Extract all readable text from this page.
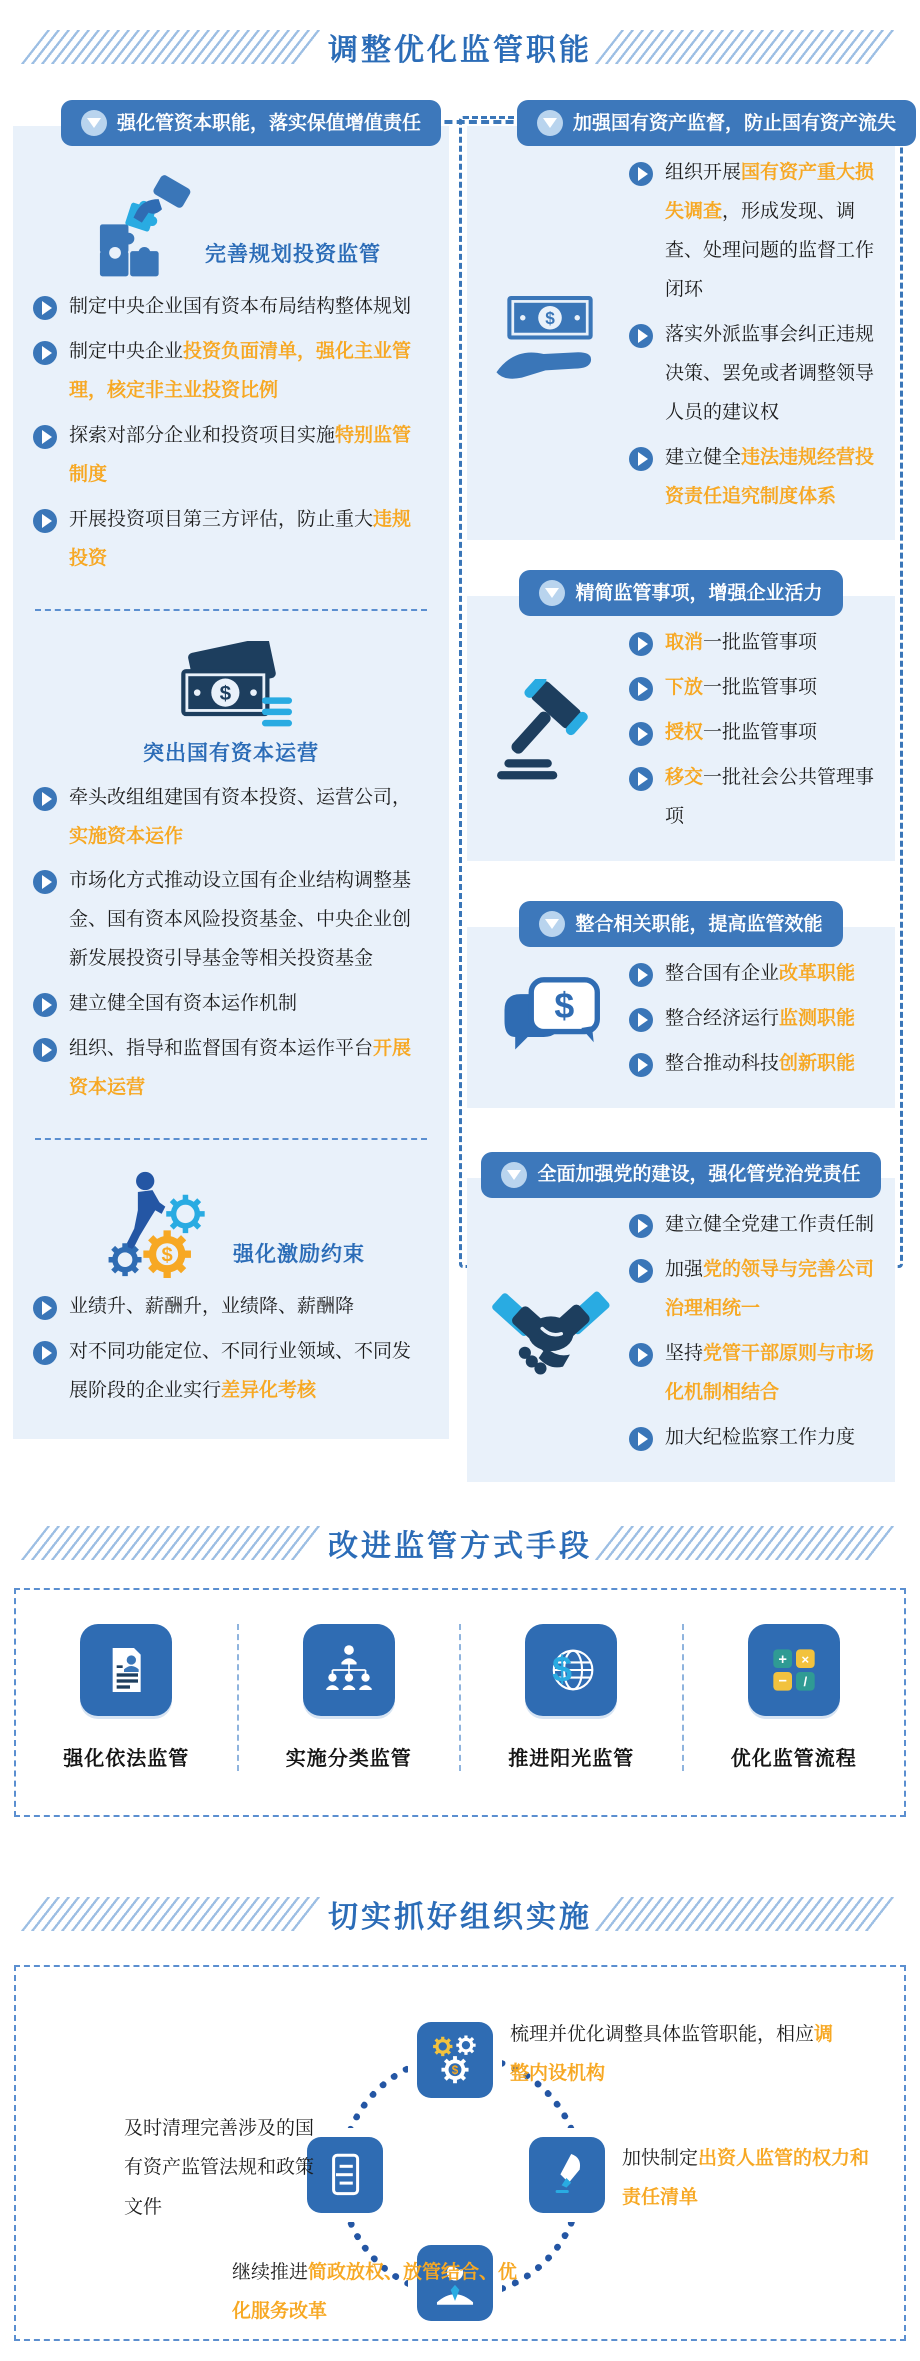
调整优化监管职能
强化管资本职能，落实保值增值责任
完善规划投资监管

制定中央企业国有资本布局结构整体规划

制定中央企业投资负面清单，强化主业管理，核定非主业投资比例

探索对部分企业和投资项目实施特别监管制度

开展投资项目第三方评估，防止重大违规投资

$
突出国有资本运营

牵头改组组建国有资本投资、运营公司，实施资本运作

市场化方式推动设立国有企业结构调整基金、国有资本风险投资基金、中央企业创新发展投资引导基金等相关投资基金

建立健全国有资本运作机制

组织、指导和监督国有资本运作平台开展资本运营

$	强化激励约束

业绩升、薪酬升，业绩降、薪酬降

对不同功能定位、不同行业领域、不同发展阶段的企业实行差异化考核

加强国有资产监督，防止国有资产流失
$

组织开展国有资产重大损失调查，形成发现、调查、处理问题的监督工作闭环

落实外派监事会纠正违规决策、罢免或者调整领导人员的建议权

建立健全违法违规经营投资责任追究制度体系

精简监管事项，增强企业活力

取消一批监管事项

下放一批监管事项

授权一批监管事项

移交一批社会公共管理事项

整合相关职能，提高监管效能
$

整合国有企业改革职能

整合经济运行监测职能

整合推动科技创新职能

全面加强党的建设，强化管党治党责任

建立健全党建工作责任制

加强党的领导与完善公司治理相统一

坚持党管干部原则与市场化机制相结合

加大纪检监察工作力度

改进监管方式手段
强化依法监管	实施分类监管
$
推进阳光监管
+ ×
− /
优化监管流程
切实抓好组织实施
$

梳理并优化调整具体监管职能，相应调整内设机构

及时清理完善涉及的国有资产监管法规和政策文件

加快制定出资人监管的权力和责任清单

继续推进简政放权、放管结合、优化服务改革
